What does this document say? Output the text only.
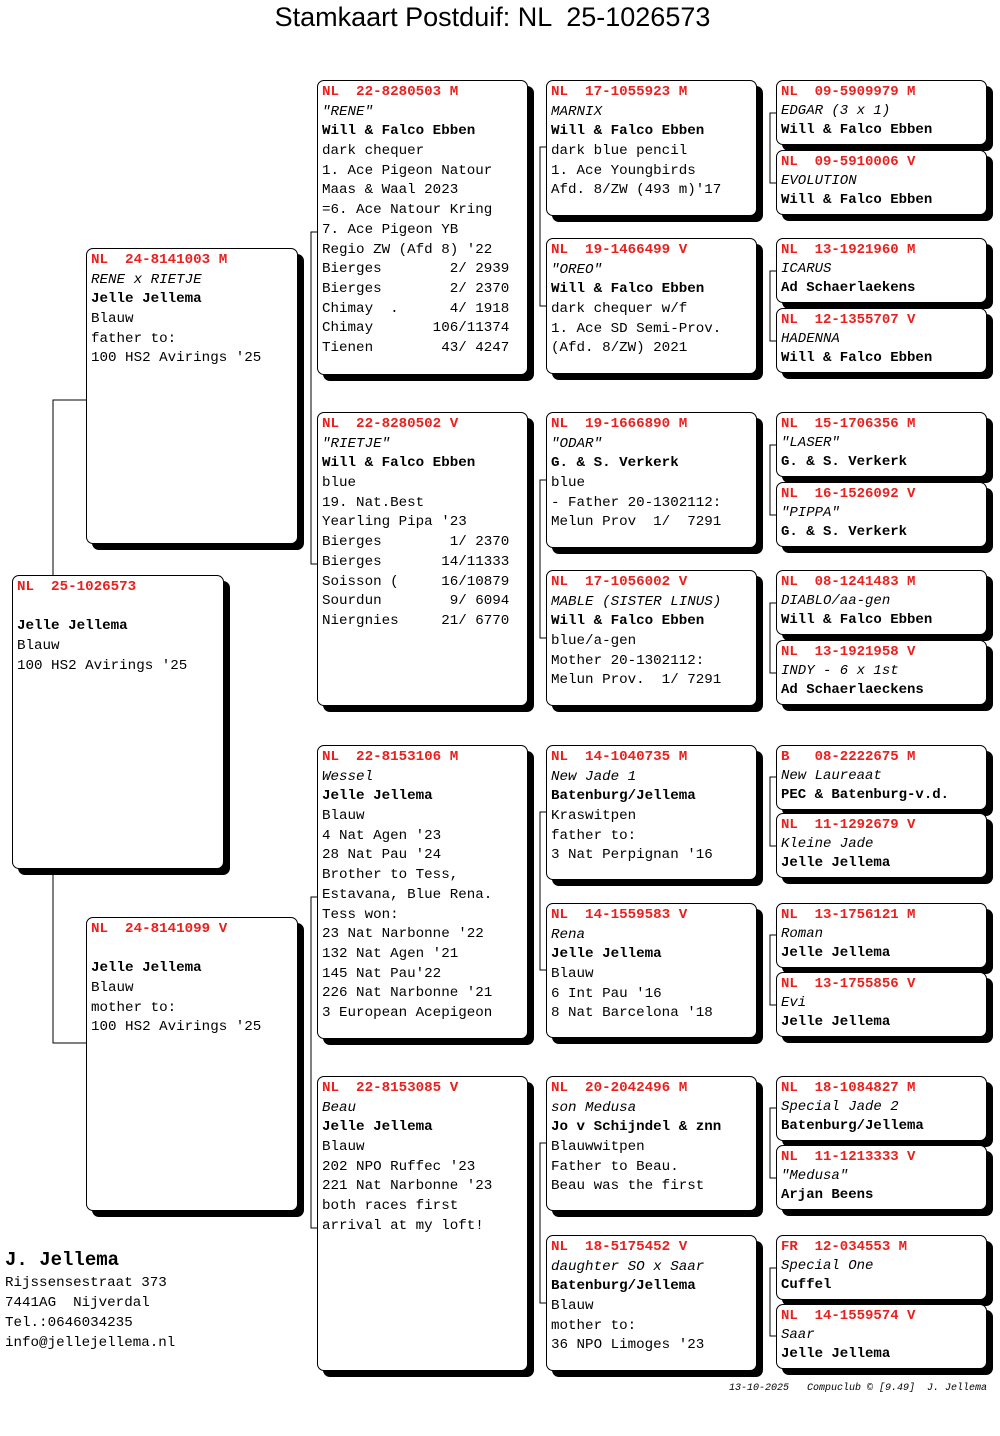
Stamkaart Postduif: NL  25-1026573
NL  25-1026573
Jelle Jellema
Blauw
100 HS2 Avirings '25
NL  24-8141003 M
RENE x RIETJE
Jelle Jellema
Blauw
father to:
100 HS2 Avirings '25
NL  24-8141099 V
Jelle Jellema
Blauw
mother to:
100 HS2 Avirings '25
NL  22-8280503 M
"RENE"
Will & Falco Ebben
dark chequer
1. Ace Pigeon Natour
Maas & Waal 2023
=6. Ace Natour Kring
7. Ace Pigeon YB
Regio ZW (Afd 8) '22
Bierges        2/ 2939
Bierges        2/ 2370
Chimay  .      4/ 1918
Chimay       106/11374
Tienen        43/ 4247
NL  22-8280502 V
"RIETJE"
Will & Falco Ebben
blue
19. Nat.Best
Yearling Pipa '23
Bierges        1/ 2370
Bierges       14/11333
Soisson (     16/10879
Sourdun        9/ 6094
Niergnies     21/ 6770
NL  22-8153106 M
Wessel
Jelle Jellema
Blauw
4 Nat Agen '23
28 Nat Pau '24
Brother to Tess,
Estavana, Blue Rena.
Tess won:
23 Nat Narbonne '22
132 Nat Agen '21
145 Nat Pau'22
226 Nat Narbonne '21
3 European Acepigeon
NL  22-8153085 V
Beau
Jelle Jellema
Blauw
202 NPO Ruffec '23
221 Nat Narbonne '23
both races first
arrival at my loft!
NL  17-1055923 M
MARNIX
Will & Falco Ebben
dark blue pencil
1. Ace Youngbirds
Afd. 8/ZW (493 m)'17
NL  19-1466499 V
"OREO"
Will & Falco Ebben
dark chequer w/f
1. Ace SD Semi-Prov.
(Afd. 8/ZW) 2021
NL  19-1666890 M
"ODAR"
G. & S. Verkerk
blue
- Father 20-1302112:
Melun Prov  1/  7291
NL  17-1056002 V
MABLE (SISTER LINUS)
Will & Falco Ebben
blue/a-gen
Mother 20-1302112:
Melun Prov.  1/ 7291
NL  14-1040735 M
New Jade 1
Batenburg/Jellema
Kraswitpen
father to:
3 Nat Perpignan '16
NL  14-1559583 V
Rena
Jelle Jellema
Blauw
6 Int Pau '16
8 Nat Barcelona '18
NL  20-2042496 M
son Medusa
Jo v Schijndel & znn
Blauwwitpen
Father to Beau.
Beau was the first
NL  18-5175452 V
daughter SO x Saar
Batenburg/Jellema
Blauw
mother to:
36 NPO Limoges '23
NL  09-5909979 M
EDGAR (3 x 1)
Will & Falco Ebben
NL  09-5910006 V
EVOLUTION
Will & Falco Ebben
NL  13-1921960 M
ICARUS
Ad Schaerlaekens
NL  12-1355707 V
HADENNA
Will & Falco Ebben
NL  15-1706356 M
"LASER"
G. & S. Verkerk
NL  16-1526092 V
"PIPPA"
G. & S. Verkerk
NL  08-1241483 M
DIABLO/aa-gen
Will & Falco Ebben
NL  13-1921958 V
INDY - 6 x 1st
Ad Schaerlaeckens
B   08-2222675 M
New Laureaat
PEC & Batenburg-v.d.
NL  11-1292679 V
Kleine Jade
Jelle Jellema
NL  13-1756121 M
Roman
Jelle Jellema
NL  13-1755856 V
Evi
Jelle Jellema
NL  18-1084827 M
Special Jade 2
Batenburg/Jellema
NL  11-1213333 V
"Medusa"
Arjan Beens
FR  12-034553 M
Special One
Cuffel
NL  14-1559574 V
Saar
Jelle Jellema
J. Jellema
Rijssensestraat 373
7441AG  Nijverdal
Tel.:0646034235
info@jellejellema.nl
13-10-2025   Compuclub © [9.49]  J. Jellema
